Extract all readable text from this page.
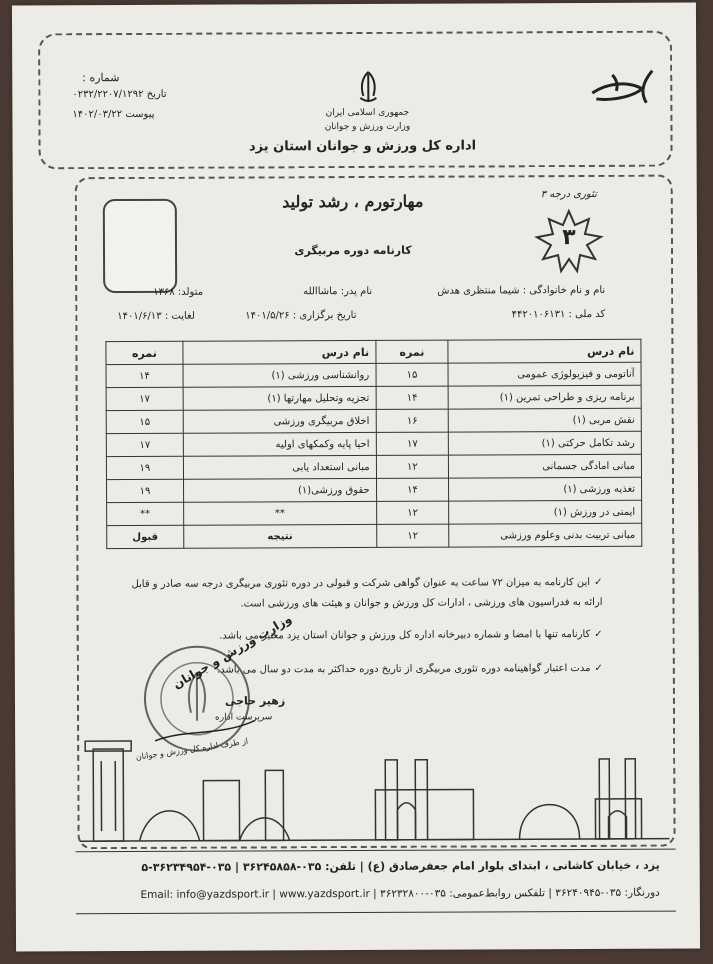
شماره :
تاریخ ۰۲۳۲/۲۲۰۷/۱۲۹۲
پیوست ۱۴۰۲/۰۳/۲۲	جمهوری اسلامی ایران
وزارت ورزش و جوانان
اداره کل ورزش و جوانان استان یزد
مهارتورم ، رشد تولید	تئوری درجه ۳
۳
کارنامه دوره مربیگری
نام و نام خانوادگی : شیما منتظری هدش
نام پدر: ماشاالله
متولد: ۱۳۶۸
کد ملی : ۴۴۲۰۱۰۶۱۳۱
تاریخ برگزاری : ۱۴۰۱/۵/۲۶
لغایت : ۱۴۰۱/۶/۱۳
نام درس	نمره	نام درس	نمره
آناتومی و فیزیولوژی عمومی	۱۵	روانشناسی ورزشی (۱)	۱۴
برنامه ریزی و طراحی تمرین (۱)	۱۴	تجزیه وتحلیل مهارتها (۱)	۱۷
نقش مربی (۱)	۱۶	اخلاق مربیگری ورزشی	۱۵
رشد تکامل حرکتی (۱)	۱۷	احیا پایه وکمکهای اولیه	۱۷
مبانی امادگی جسمانی	۱۲	مبانی استعداد یابی	۱۹
تغذیه ورزشی (۱)	۱۴	حقوق ورزشی(۱)	۱۹
ایمنی در ورزش (۱)	۱۲	**	**
مبانی تربیت بدنی وعلوم ورزشی	۱۲	نتیجه	قبول
✓این کارنامه به میزان ۷۲ ساعت به عنوان گواهی شرکت و قبولی در دوره تئوری مربیگری درجه سه صادر و قابل ارائه به فدراسیون های ورزشی ، ادارات کل ورزش و جوانان و هیئت های ورزشی است.
✓کارنامه تنها با امضا و شماره دبیرخانه اداره کل ورزش و جوانان استان یزد معتبر می باشد.
✓مدت اعتبار گواهینامه دوره تئوری مربیگری از تاریخ دوره حداکثر به مدت دو سال می باشد.
وزارت ورزش و جوانان
زهیر حاجی
سرپرست اداره
از طرف اداره کل ورزش و جوانان
یزد ، خیابان کاشانی ، ابتدای بلوار امام جعفرصادق (ع) | تلفن: ۰۳۵-۳۶۲۴۵۸۵۸ | ۰۳۵-۳۶۲۳۴۹۵۴-۵
دورنگار: ۰۳۵-۳۶۲۴۰۹۴۵ | تلفکس روابط‌عمومی: ۰۳۵-۳۶۲۳۲۸۰۰ | Email: info@yazdsport.ir | www.yazdsport.ir
